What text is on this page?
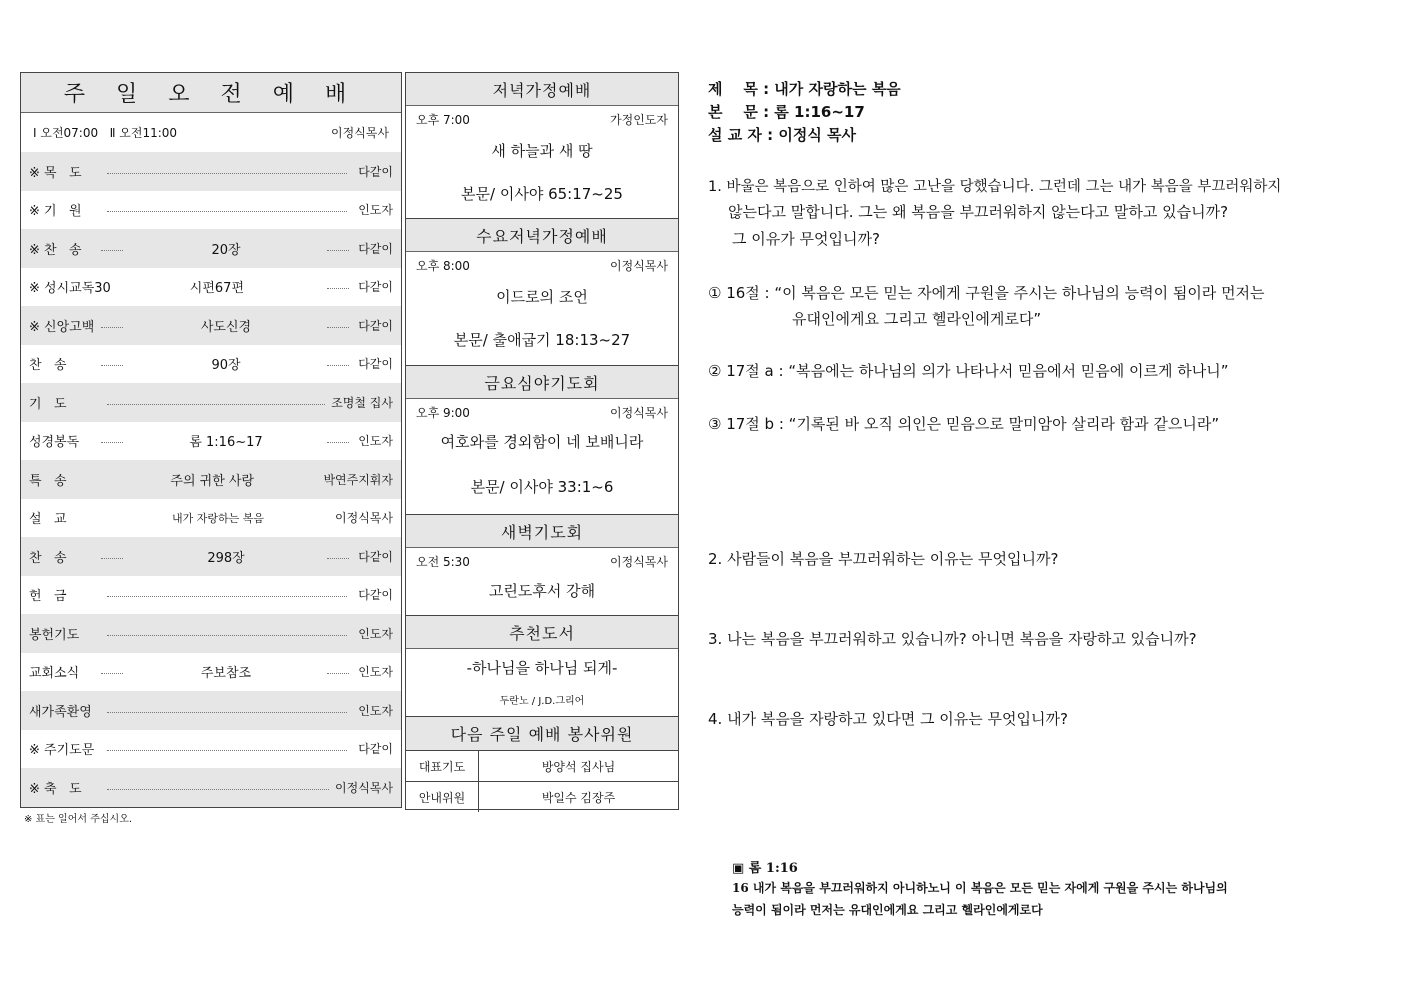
주 일 오 전 예 배
Ⅰ 오전07:00   Ⅱ 오전11:00	이정식목사
※ 목   도	다같이
※ 기   원	인도자
※ 찬   송	20장	다같이
※ 성시교독30	시편67편	다같이
※ 신앙고백	사도신경	다같이
찬   송	90장	다같이
기   도	조명철 집사
성경봉독	롬 1:16~17	인도자
특   송	주의 귀한 사랑	박연주지휘자
설   교	내가 자랑하는 복음	이정식목사
찬   송	298장	다같이
헌   금	다같이
봉헌기도	인도자
교회소식	주보참조	인도자
새가족환영	인도자
※ 주기도문	다같이
※ 축   도	이정식목사
※ 표는 일어서 주십시오.
저녁가정예배
오후 7:00	가정인도자
새 하늘과 새 땅
본문/ 이사야 65:17~25
수요저녁가정예배
오후 8:00	이정식목사
이드로의 조언
본문/ 출애굽기 18:13~27
금요심야기도회
오후 9:00	이정식목사
여호와를 경외함이 네 보배니라
본문/ 이사야 33:1~6
새벽기도회
오전 5:30	이정식목사
고린도후서 강해
추천도서
-하나님을 하나님 되게-
두란노 / J.D.그리어
다음 주일 예배 봉사위원
대표기도	방양석 집사님
안내위원	박일수 김장주
제    목 : 내가 자랑하는 복음
본    문 : 롬 1:16~17
설 교 자 : 이정식 목사
1. 바울은 복음으로 인하여 많은 고난을 당했습니다. 그런데 그는 내가 복음을 부끄러워하지
않는다고 말합니다. 그는 왜 복음을 부끄러워하지 않는다고 말하고 있습니까?
그 이유가 무엇입니까?
① 16절 : “이 복음은 모든 믿는 자에게 구원을 주시는 하나님의 능력이 됨이라 먼저는
유대인에게요 그리고 헬라인에게로다”
② 17절 a : “복음에는 하나님의 의가 나타나서 믿음에서 믿음에 이르게 하나니”
③ 17절 b : “기록된 바 오직 의인은 믿음으로 말미암아 살리라 함과 같으니라”
2. 사람들이 복음을 부끄러워하는 이유는 무엇입니까?
3. 나는 복음을 부끄러워하고 있습니까? 아니면 복음을 자랑하고 있습니까?
4. 내가 복음을 자랑하고 있다면 그 이유는 무엇입니까?
▣ 롬 1:16
16 내가 복음을 부끄러워하지 아니하노니 이 복음은 모든 믿는 자에게 구원을 주시는 하나님의
능력이 됨이라 먼저는 유대인에게요 그리고 헬라인에게로다
